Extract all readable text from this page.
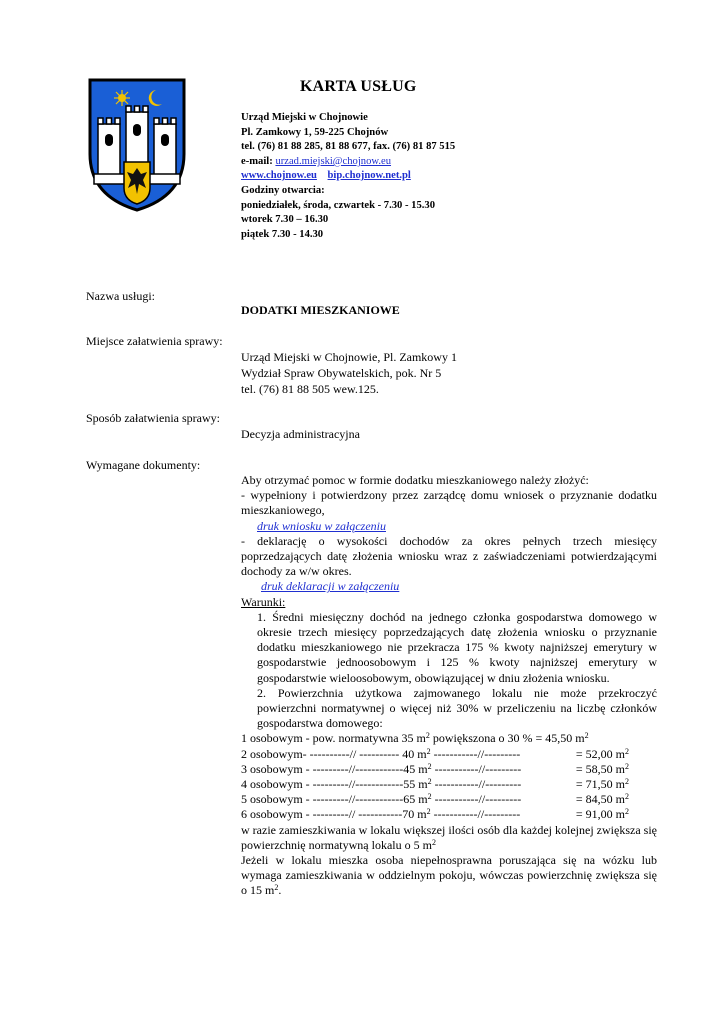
KARTA USŁUG
Urząd Miejski w Chojnowie
Pl. Zamkowy 1, 59-225 Chojnów
tel. (76) 81 88 285, 81 88 677, fax. (76) 81 87 515
e-mail: urzad.miejski@chojnow.eu
www.chojnow.eu bip.chojnow.net.pl
Godziny otwarcia:
poniedziałek, środa, czwartek - 7.30 - 15.30
wtorek 7.30 – 16.30
piątek 7.30 - 14.30
Nazwa usługi:
DODATKI MIESZKANIOWE
Miejsce załatwienia sprawy:
Urząd Miejski w Chojnowie, Pl. Zamkowy 1
Wydział Spraw Obywatelskich, pok. Nr 5
tel. (76) 81 88 505 wew.125.
Sposób załatwienia sprawy:
Decyzja administracyjna
Wymagane dokumenty:
Aby otrzymać pomoc w formie dodatku mieszkaniowego należy złożyć:
- wypełniony i potwierdzony przez zarządcę domu wniosek o przyznanie dodatku mieszkaniowego,
druk wniosku w załączeniu
- deklarację o wysokości dochodów za okres pełnych trzech miesięcy poprzedzających datę złożenia wniosku wraz z zaświadczeniami potwierdzającymi dochody za w/w okres.
druk deklaracji w załączeniu
Warunki:
1. Średni miesięczny dochód na jednego członka gospodarstwa domowego w okresie trzech miesięcy poprzedzających datę złożenia wniosku o przyznanie dodatku mieszkaniowego nie przekracza 175 % kwoty najniższej emerytury w gospodarstwie jednoosobowym i 125 % kwoty najniższej emerytury w gospodarstwie wieloosobowym, obowiązującej w dniu złożenia wniosku.
2. Powierzchnia użytkowa zajmowanego lokalu nie może przekroczyć powierzchni normatywnej o więcej niż 30% w przeliczeniu na liczbę członków gospodarstwa domowego:
1 osobowym - pow. normatywna 35 $m^2$ powiększona o 30 % = 45,50 $m^2$
2 osobowym- ----------// ---------- 40 $m^2$ -----------//---------	= 52,00 $m^2$
3 osobowym - ---------//------------45 $m^2$ -----------//---------	= 58,50 $m^2$
4 osobowym - ---------//------------55 $m^2$ -----------//---------	= 71,50 $m^2$
5 osobowym - ---------//------------65 $m^2$ -----------//---------	= 84,50 $m^2$
6 osobowym - ---------// -----------70 $m^2$ -----------//---------	= 91,00 $m^2$
w razie zamieszkiwania w lokalu większej ilości osób dla każdej kolejnej zwiększa się powierzchnię normatywną lokalu o 5 $m^2$
Jeżeli w lokalu mieszka osoba niepełnosprawna poruszająca się na wózku lub wymaga zamieszkiwania w oddzielnym pokoju, wówczas powierzchnię zwiększa się o 15 $m^2$.
